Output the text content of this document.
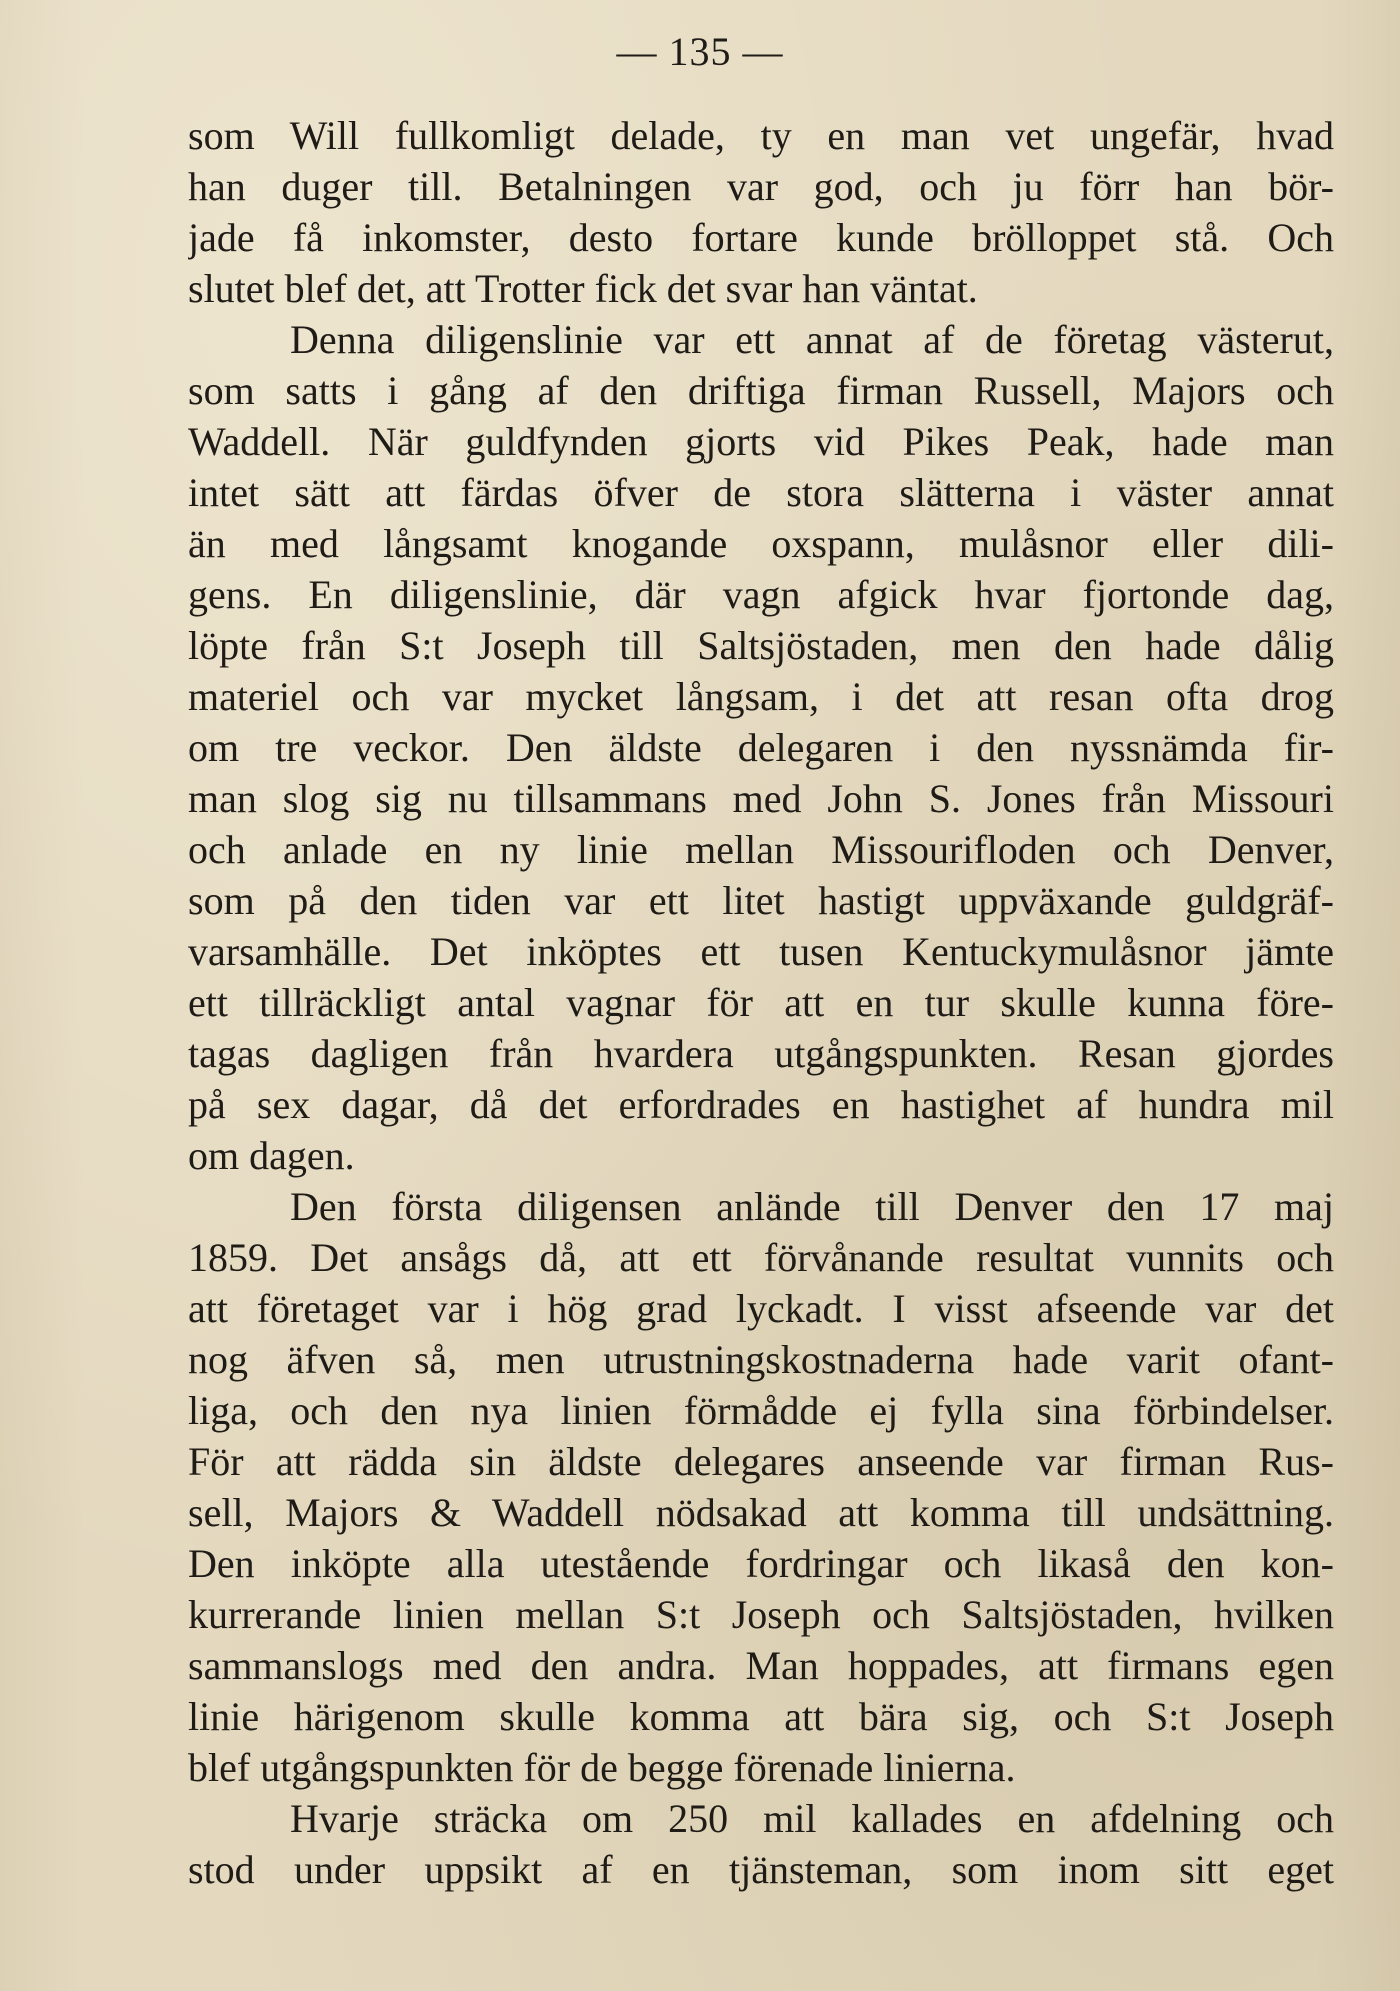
— 135 —
som Will fullkomligt delade, ty en man vet ungefär, hvad
han duger till. Betalningen var god, och ju förr han bör-
jade få inkomster, desto fortare kunde bröllоppet stå. Och
slutet blef det, att Trotter fick det svar han väntat.
Denna diligenslinie var ett annat af de företag västerut,
som satts i gång af den driftiga firman Russell, Majors och
Waddell. När guldfynden gjorts vid Pikes Peak, hade man
intet sätt att färdas öfver de stora slätterna i väster annat
än med långsamt knogande oxspann, mulåsnor eller dili-
gens. En diligenslinie, där vagn afgick hvar fjortonde dag,
löpte från S:t Joseph till Saltsjöstaden, men den hade dålig
materiel och var mycket långsam, i det att resan ofta drog
om tre veckor. Den äldste delegaren i den nyssnämda fir-
man slog sig nu tillsammans med John S. Jones från Missouri
och anlade en ny linie mellan Missourifloden och Denver,
som på den tiden var ett litet hastigt uppväxande guldgräf-
varsamhälle. Det inköptes ett tusen Kentuckymulåsnor jämte
ett tillräckligt antal vagnar för att en tur skulle kunna före-
tagas dagligen från hvardera utgångspunkten. Resan gjordes
på sex dagar, då det erfordrades en hastighet af hundra mil
om dagen.
Den första diligensen anlände till Denver den 17 maj
1859. Det ansågs då, att ett förvånande resultat vunnits och
att företaget var i hög grad lyckadt. I visst afseende var det
nog äfven så, men utrustningskostnaderna hade varit ofant-
liga, och den nya linien förmådde ej fylla sina förbindelser.
För att rädda sin äldste delegares anseende var firman Rus-
sell, Majors & Waddell nödsakad att komma till undsättning.
Den inköpte alla utestående fordringar och likaså den kon-
kurrerande linien mellan S:t Joseph och Saltsjöstaden, hvilken
sammanslogs med den andra. Man hoppades, att firmans egen
linie härigenom skulle komma att bära sig, och S:t Joseph
blef utgångspunkten för de begge förenade linierna.
Hvarje sträcka om 250 mil kallades en afdelning och
stod under uppsikt af en tjänsteman, som inom sitt eget
